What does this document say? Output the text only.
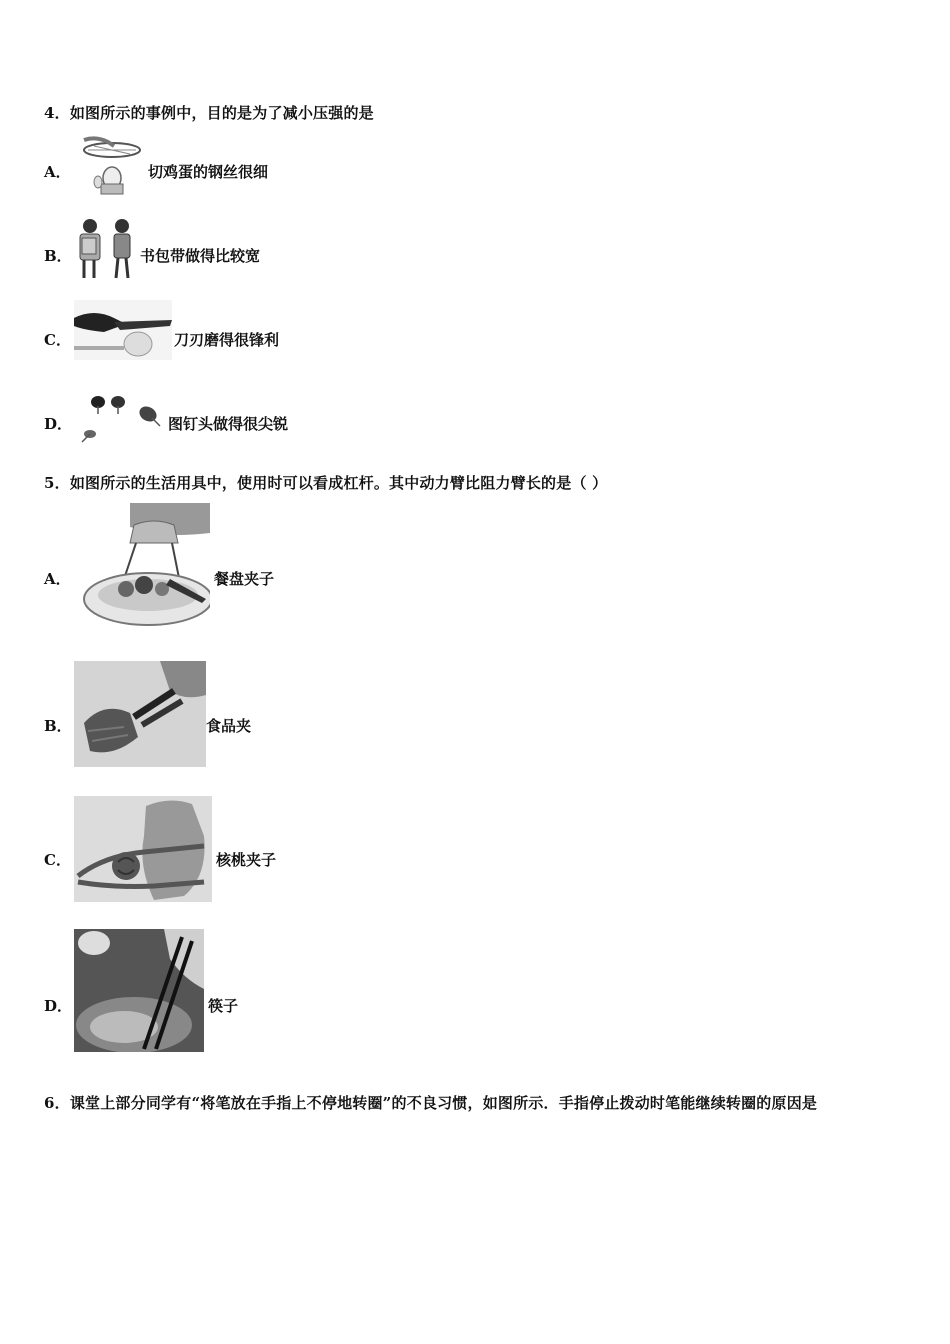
4．如图所示的事例中，目的是为了减小压强的是
A．	切鸡蛋的钢丝很细
B．	书包带做得比较宽
C．	刀刃磨得很锋利
D．	图钉头做得很尖锐
5．如图所示的生活用具中，使用时可以看成杠杆。其中动力臂比阻力臂长的是（ ）
A．	餐盘夹子
B．	食品夹
C．	核桃夹子
D．	筷子
6．课堂上部分同学有“将笔放在手指上不停地转圈”的不良习惯，如图所示．手指停止拨动时笔能继续转圈的原因是
